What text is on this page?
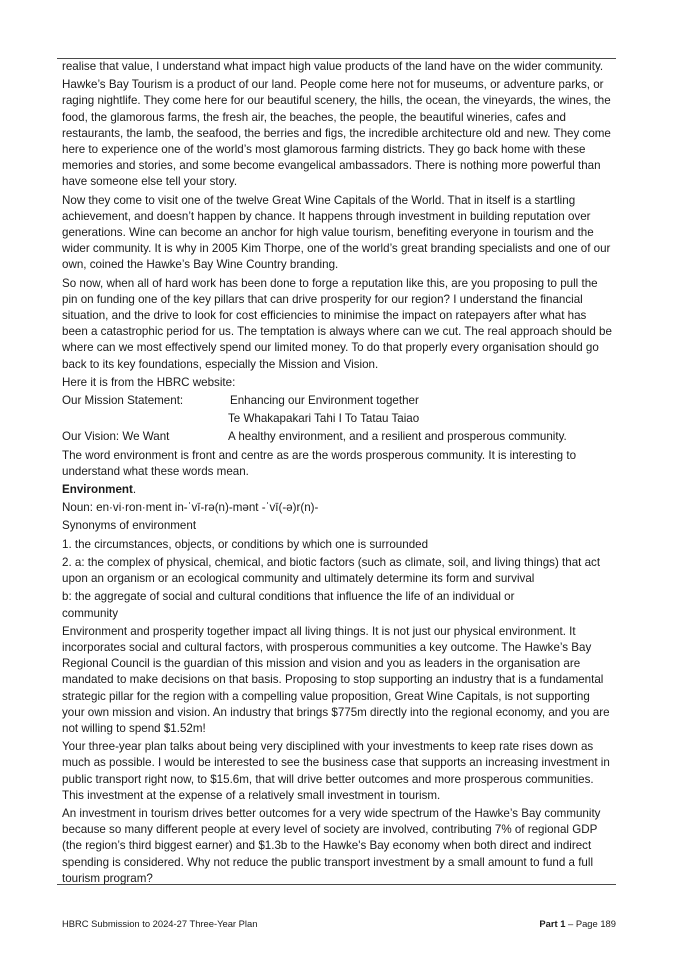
realise that value, I understand what impact high value products of the land have on the wider community.

Hawke’s Bay Tourism is a product of our land. People come here not for museums, or adventure parks, or raging nightlife. They come here for our beautiful scenery, the hills, the ocean, the vineyards, the wines, the food, the glamorous farms, the fresh air, the beaches, the people, the beautiful wineries, cafes and restaurants, the lamb, the seafood, the berries and figs, the incredible architecture old and new. They come here to experience one of the world’s most glamorous farming districts. They go back home with these memories and stories, and some become evangelical ambassadors. There is nothing more powerful than have someone else tell your story.

Now they come to visit one of the twelve Great Wine Capitals of the World. That in itself is a startling achievement, and doesn’t happen by chance. It happens through investment in building reputation over generations. Wine can become an anchor for high value tourism, benefiting everyone in tourism and the wider community. It is why in 2005 Kim Thorpe, one of the world’s great branding specialists and one of our own, coined the Hawke’s Bay Wine Country branding.

So now, when all of hard work has been done to forge a reputation like this, are you proposing to pull the pin on funding one of the key pillars that can drive prosperity for our region? I understand the financial situation, and the drive to look for cost efficiencies to minimise the impact on ratepayers after what has been a catastrophic period for us. The temptation is always where can we cut. The real approach should be where can we most effectively spend our limited money. To do that properly every organisation should go back to its key foundations, especially the Mission and Vision.

Here it is from the HBRC website:

Our Mission Statement:	Enhancing our Environment together

Te Whakapakari Tahi I To Tatau Taiao

Our Vision: We Want	A healthy environment, and a resilient and prosperous community.

The word environment is front and centre as are the words prosperous community. It is interesting to understand what these words mean.

Environment.

Noun: en·vi·ron·ment in-ˈvī-rə(n)-mənt -ˈvī(-ə)r(n)-

Synonyms of environment

1. the circumstances, objects, or conditions by which one is surrounded

2. a: the complex of physical, chemical, and biotic factors (such as climate, soil, and living things) that act upon an organism or an ecological community and ultimately determine its form and survival

b: the aggregate of social and cultural conditions that influence the life of an individual or

community

Environment and prosperity together impact all living things. It is not just our physical environment. It incorporates social and cultural factors, with prosperous communities a key outcome. The Hawke’s Bay Regional Council is the guardian of this mission and vision and you as leaders in the organisation are mandated to make decisions on that basis. Proposing to stop supporting an industry that is a fundamental strategic pillar for the region with a compelling value proposition, Great Wine Capitals, is not supporting your own mission and vision. An industry that brings $775m directly into the regional economy, and you are not willing to spend $1.52m!

Your three-year plan talks about being very disciplined with your investments to keep rate rises down as much as possible. I would be interested to see the business case that supports an increasing investment in public transport right now, to $15.6m, that will drive better outcomes and more prosperous communities. This investment at the expense of a relatively small investment in tourism.

An investment in tourism drives better outcomes for a very wide spectrum of the Hawke’s Bay community because so many different people at every level of society are involved, contributing 7% of regional GDP (the region’s third biggest earner) and $1.3b to the Hawke's Bay economy when both direct and indirect spending is considered. Why not reduce the public transport investment by a small amount to fund a full tourism program?

HBRC Submission to 2024-27 Three-Year Plan	Part 1 – Page 189
